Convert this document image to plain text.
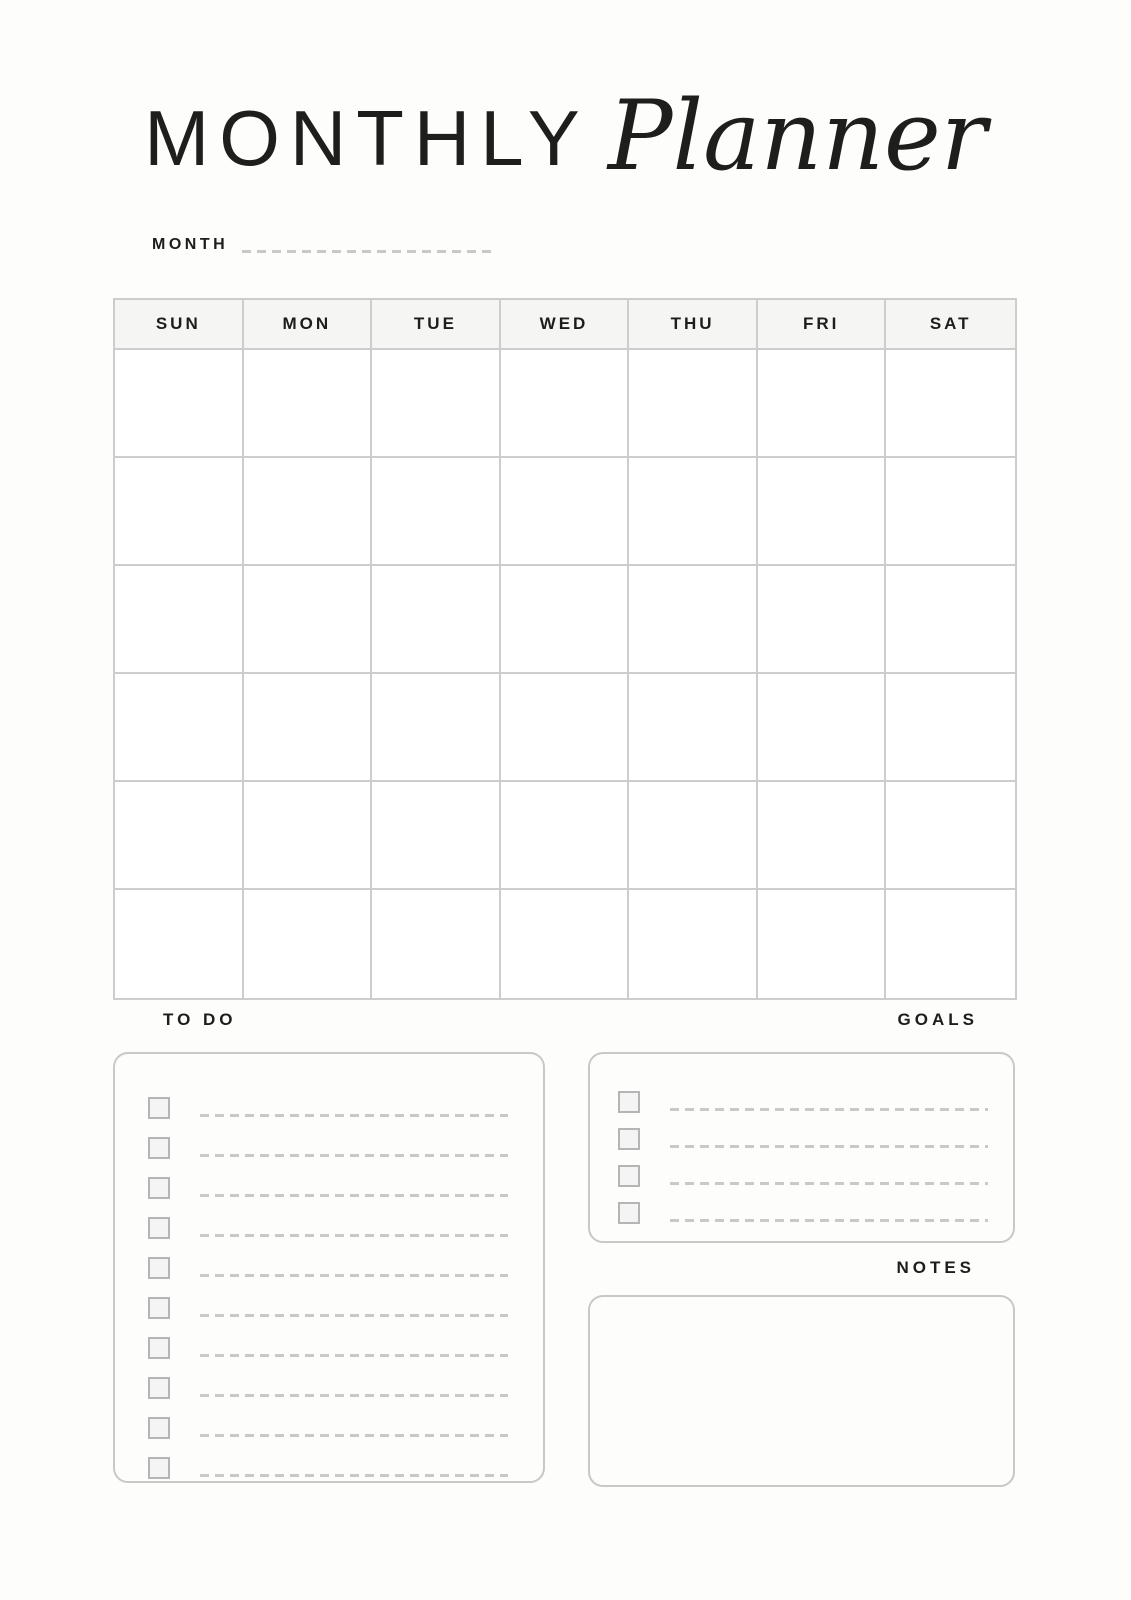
MONTHLY Planner
MONTH
SUN	MON	TUE	WED	THU	FRI	SAT
TO DO	GOALS
NOTES
